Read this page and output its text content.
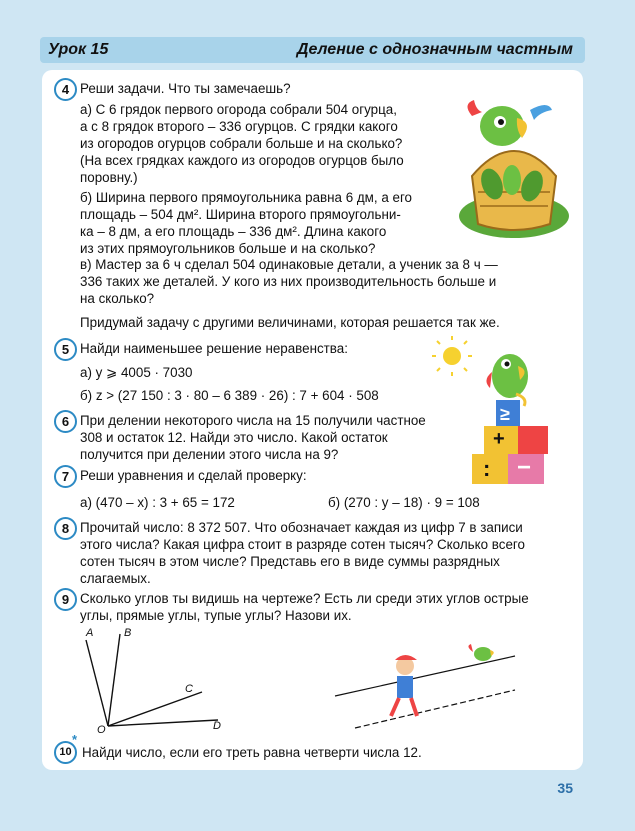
Урок 15	Деление с однозначным частным
4 Реши задачи. Что ты замечаешь?
а) С 6 грядок первого огорода собрали 504 огурца,
а с 8 грядок второго – 336 огурцов. С грядки какого
из огородов огурцов собрали больше и на сколько?
(На всех грядках каждого из огородов огурцов было
поровну.)
б) Ширина первого прямоугольника равна 6 дм, а его
площадь – 504 дм². Ширина второго прямоугольни-
ка – 8 дм, а его площадь – 336 дм². Длина какого
из этих прямоугольников больше и на сколько?
в) Мастер за 6 ч сделал 504 одинаковые детали, а ученик за 8 ч —
336 таких же деталей. У кого из них производительность больше и
на сколько?
Придумай задачу с другими величинами, которая решается так же.
5 Найди наименьшее решение неравенства:
а) y ⩾ 4005 · 7030
б) z > (27 150 : 3 · 80 – 6 389 · 26) : 7 + 604 · 508
6 При делении некоторого числа на 15 получили частное
308 и остаток 12. Найди это число. Какой остаток
получится при делении этого числа на 9?
≥
+
: −
7 Реши уравнения и сделай проверку:
а) (470 – x) : 3 + 65 = 172	б) (270 : y – 18) · 9 = 108
8 Прочитай число: 8 372 507. Что обозначает каждая из цифр 7 в записи
этого числа? Какая цифра стоит в разряде сотен тысяч? Сколько всего
сотен тысяч в этом числе? Представь его в виде суммы разрядных
слагаемых.
9 Сколько углов ты видишь на чертеже? Есть ли среди этих углов острые
углы, прямые углы, тупые углы? Назови их.
A	B
C
D
O
10
*
Найди число, если его треть равна четверти числа 12.
35
